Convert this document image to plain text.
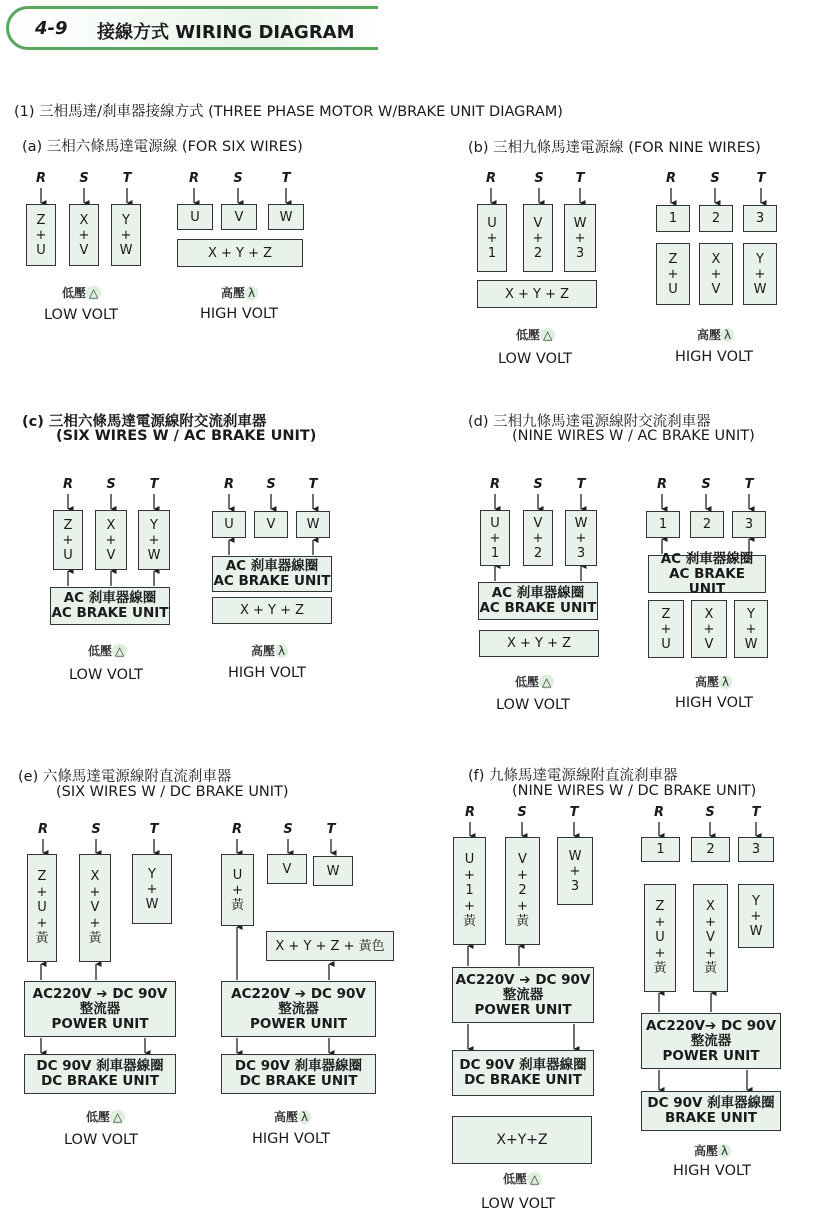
4-9 接線方式 WIRING DIAGRAM
(1) 三相馬達/刹車器接線方式 (THREE PHASE MOTOR W/BRAKE UNIT DIAGRAM)
(a) 三相六條馬達電源線 (FOR SIX WIRES)	(b) 三相九條馬達電源線 (FOR NINE WIRES)
(c) 三相六條馬達電源線附交流刹車器
(SIX WIRES W / AC BRAKE UNIT)
(d) 三相九條馬達電源線附交流刹車器
(NINE WIRES W / AC BRAKE UNIT)
(e) 六條馬達電源線附直流刹車器
(SIX WIRES W / DC BRAKE UNIT)
(f) 九條馬達電源線附直流刹車器
(NINE WIRES W / DC BRAKE UNIT)
R	S	T
Z
+
U
X
+
V
Y
+
W
低壓 △
LOW VOLT
R	S	T
U	V	W
X + Y + Z
高壓 λ
HIGH VOLT
R	S	T
U
+
1
V
+
2
W
+
3
X + Y + Z
低壓 △
LOW VOLT
R	S	T
1	2	3
Z
+
U
X
+
V
Y
+
W
高壓 λ
HIGH VOLT
R	S	T
Z
+
U
X
+
V
Y
+
W
AC 刹車器線圈
AC BRAKE UNIT
低壓 △
LOW VOLT
R	S	T
U	V	W
AC 刹車器線圈
AC BRAKE UNIT
X + Y + Z
高壓 λ
HIGH VOLT
R	S	T
U
+
1
V
+
2
W
+
3
AC 刹車器線圈
AC BRAKE UNIT
X + Y + Z
低壓 △
LOW VOLT
R	S	T
1	2	3
AC 刹車器線圈
AC BRAKE UNIT
Z
+
U
X
+
V
Y
+
W
高壓 λ
HIGH VOLT
R	S	T
Z
+
U
+
黃
X
+
V
+
黃
Y
+
W
AC220V ➔ DC 90V
整流器
POWER UNIT
DC 90V 刹車器線圈
DC BRAKE UNIT
低壓 △
LOW VOLT
R	S	T
U
+
黃
V	W
X + Y + Z + 黃色
AC220V ➔ DC 90V
整流器
POWER UNIT
DC 90V 刹車器線圈
DC BRAKE UNIT
高壓 λ
HIGH VOLT
R	S	T
U
+
1
+
黃
V
+
2
+
黃
W
+
3
AC220V ➔ DC 90V
整流器
POWER UNIT
DC 90V 刹車器線圈
DC BRAKE UNIT
X+Y+Z
低壓 △
LOW VOLT
R	S	T
1	2	3
Z
+
U
+
黃
X
+
V
+
黃
Y
+
W
AC220V➔ DC 90V
整流器
POWER UNIT
DC 90V 刹車器線圈
BRAKE UNIT
高壓 λ
HIGH VOLT
